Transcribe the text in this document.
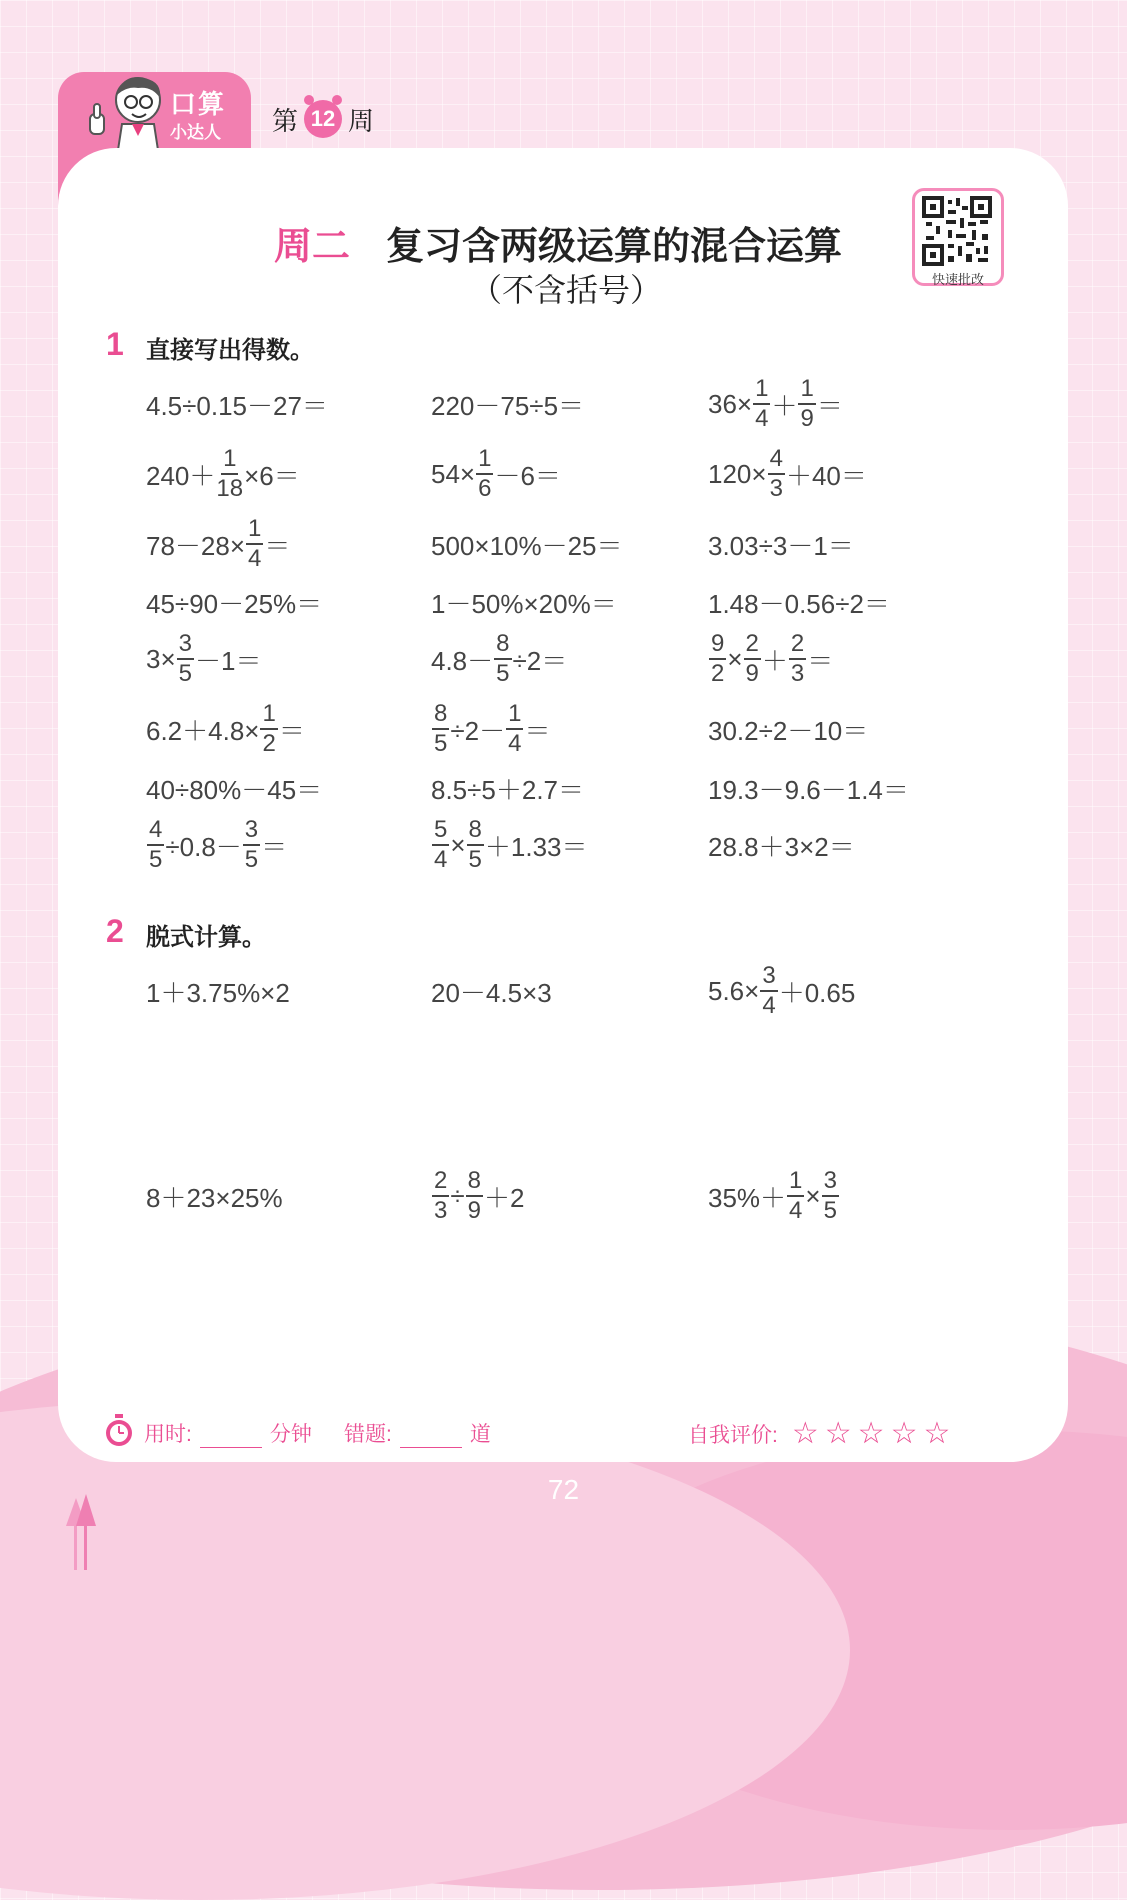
口算
小达人 第 12 周
周二 复习含两级运算的混合运算
（不含括号）	快速批改
1 直接写出得数。
4.5÷0.15－27＝	220－75÷5＝	$36\times \frac{1}{4} + \frac{1}{9}$ ＝
$240+ \frac{1}{18} \times 6=$	$54\times \frac{1}{6} -6=$	$120\times \frac{4}{3} +40=$
$78-28\times \frac{1}{4}$ ＝	500×10%－25＝	3.03÷3－1＝
45÷90－25%＝	1－50%×20%＝	1.48－0.56÷2＝
$3\times \frac{3}{5} -1=$	$4.8- \frac{8}{5} \div 2=$	$\frac{9}{2} \times \frac{2}{9} + \frac{2}{3}$ ＝
$6.2+4.8\times \frac{1}{2}$ ＝	$\frac{8}{5} \div 2- \frac{1}{4}$ ＝	30.2÷2－10＝
40÷80%－45＝	8.5÷5＋2.7＝	19.3－9.6－1.4＝
$\frac{4}{5} \div 0.8- \frac{3}{5}$ ＝	$\frac{5}{4} \times \frac{8}{5} +1.33=$	28.8＋3×2＝
2 脱式计算。
1＋3.75%×2	20－4.5×3	$5.6\times \frac{3}{4} +0.65$
8＋23×25%	$\frac{2}{3} \div \frac{8}{9} +2$	$35\%+ \frac{1}{4} \times \frac{3}{5}$
用时:	分钟 错题:	道	自我评价: ☆ ☆ ☆ ☆ ☆
72
